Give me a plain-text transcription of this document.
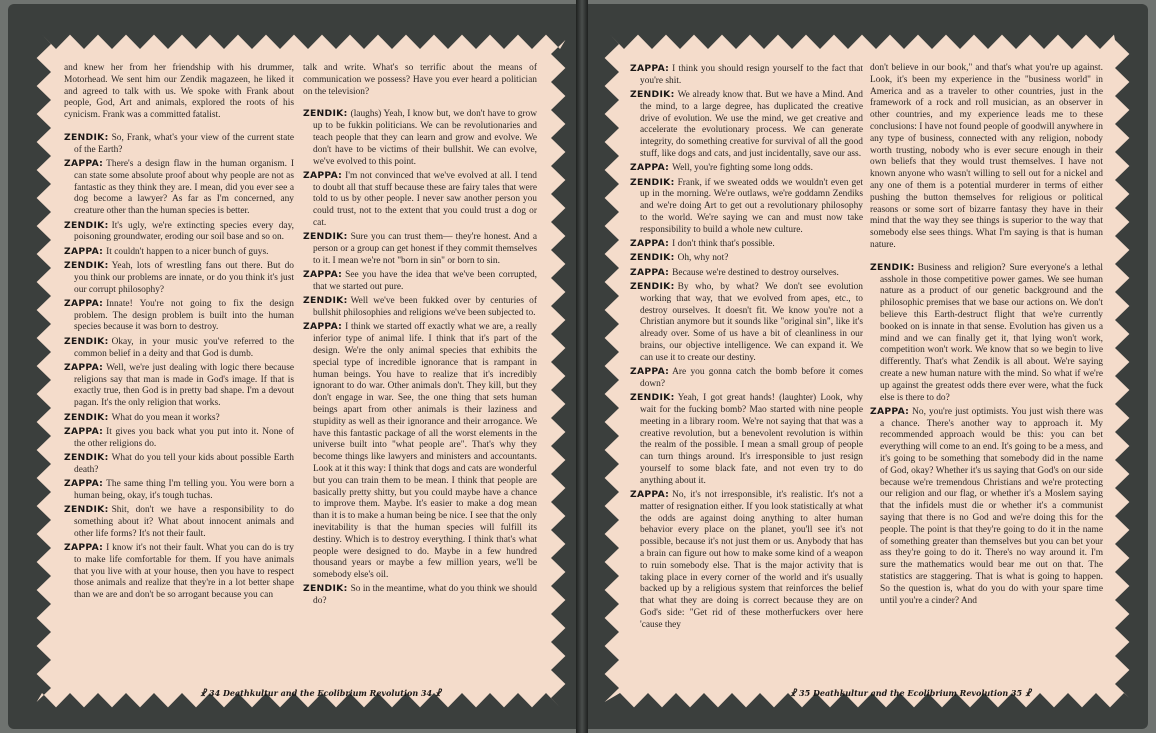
and knew her from her friendship with his drummer, Motorhead. We sent him our Zendik magazeen, he liked it and agreed to talk with us. We spoke with Frank about people, God, Art and animals, explored the roots of his cynicism. Frank was a committed fatalist.

ZENDIK: So, Frank, what's your view of the current state of the Earth?

ZAPPA: There's a design flaw in the human organism. I can state some absolute proof about why people are not as fantastic as they think they are. I mean, did you ever see a dog become a lawyer? As far as I'm concerned, any creature other than the human species is better.

ZENDIK: It's ugly, we're extincting species every day, poisoning groundwater, eroding our soil base and so on.

ZAPPA: It couldn't happen to a nicer bunch of guys.

ZENDIK: Yeah, lots of wrestling fans out there. But do you think our problems are innate, or do you think it's just our corrupt philosophy?

ZAPPA: Innate! You're not going to fix the design problem. The design problem is built into the human species because it was born to destroy.

ZENDIK: Okay, in your music you've referred to the common belief in a deity and that God is dumb.

ZAPPA: Well, we're just dealing with logic there because religions say that man is made in God's image. If that is exactly true, then God is in pretty bad shape. I'm a devout pagan. It's the only religion that works.

ZENDIK: What do you mean it works?

ZAPPA: It gives you back what you put into it. None of the other religions do.

ZENDIK: What do you tell your kids about possible Earth death?

ZAPPA: The same thing I'm telling you. You were born a human being, okay, it's tough tuchas.

ZENDIK: Shit, don't we have a responsibility to do something about it? What about innocent animals and other life forms? It's not their fault.

ZAPPA: I know it's not their fault. What you can do is try to make life comfortable for them. If you have animals that you live with at your house, then you have to respect those animals and realize that they're in a lot better shape than we are and don't be so arrogant because you can

talk and write. What's so terrific about the means of communication we possess? Have you ever heard a politician on the television?

ZENDIK: (laughs) Yeah, I know but, we don't have to grow up to be fukkin politicians. We can be revolutionaries and teach people that they can learn and grow and evolve. We don't have to be victims of their bullshit. We can evolve, we've evolved to this point.

ZAPPA: I'm not convinced that we've evolved at all. I tend to doubt all that stuff because these are fairy tales that were told to us by other people. I never saw another person you could trust, not to the extent that you could trust a dog or cat.

ZENDIK: Sure you can trust them— they're honest. And a person or a group can get honest if they commit themselves to it. I mean we're not "born in sin" or born to sin.

ZAPPA: See you have the idea that we've been corrupted, that we started out pure.

ZENDIK: Well we've been fukked over by centuries of bullshit philosophies and religions we've been subjected to.

ZAPPA: I think we started off exactly what we are, a really inferior type of animal life. I think that it's part of the design. We're the only animal species that exhibits the special type of incredible ignorance that is rampant in human beings. You have to realize that it's incredibly ignorant to do war. Other animals don't. They kill, but they don't engage in war. See, the one thing that sets human beings apart from other animals is their laziness and stupidity as well as their ignorance and their arrogance. We have this fantastic package of all the worst elements in the universe built into "what people are". That's why they become things like lawyers and ministers and accountants. Look at it this way: I think that dogs and cats are wonderful but you can train them to be mean. I think that people are basically pretty shitty, but you could maybe have a chance to improve them. Maybe. It's easier to make a dog mean than it is to make a human being be nice. I see that the only inevitability is that the human species will fulfill its destiny. Which is to destroy everything. I think that's what people were designed to do. Maybe in a few hundred thousand years or maybe a few million years, we'll be somebody else's oil.

ZENDIK: So in the meantime, what do you think we should do?

ZAPPA: I think you should resign yourself to the fact that you're shit.

ZENDIK: We already know that. But we have a Mind. And the mind, to a large degree, has duplicated the creative drive of evolution. We use the mind, we get creative and accelerate the evolutionary process. We can generate integrity, do something creative for survival of all the good stuff, like dogs and cats, and just incidentally, save our ass.

ZAPPA: Well, you're fighting some long odds.

ZENDIK: Frank, if we sweated odds we wouldn't even get up in the morning. We're outlaws, we're goddamn Zendiks and we're doing Art to get out a revolutionary philosophy to the world. We're saying we can and must now take responsibility to build a whole new culture.

ZAPPA: I don't think that's possible.

ZENDIK: Oh, why not?

ZAPPA: Because we're destined to destroy ourselves.

ZENDIK: By who, by what? We don't see evolution working that way, that we evolved from apes, etc., to destroy ourselves. It doesn't fit. We know you're not a Christian anymore but it sounds like "original sin", like it's already over. Some of us have a bit of cleanliness in our brains, our objective intelligence. We can expand it. We can use it to create our destiny.

ZAPPA: Are you gonna catch the bomb before it comes down?

ZENDIK: Yeah, I got great hands! (laughter) Look, why wait for the fucking bomb? Mao started with nine people meeting in a library room. We're not saying that that was a creative revolution, but a benevolent revolution is within the realm of the possible. I mean a small group of people can turn things around. It's irresponsible to just resign yourself to some black fate, and not even try to do anything about it.

ZAPPA: No, it's not irresponsible, it's realistic. It's not a matter of resignation either. If you look statistically at what the odds are against doing anything to alter human behavior every place on the planet, you'll see it's not possible, because it's not just them or us. Anybody that has a brain can figure out how to make some kind of a weapon to ruin somebody else. That is the major activity that is taking place in every corner of the world and it's usually backed up by a religious system that reinforces the belief that what they are doing is correct because they are on God's side: "Get rid of these motherfuckers over here 'cause they

don't believe in our book," and that's what you're up against. Look, it's been my experience in the "business world" in America and as a traveler to other countries, just in the framework of a rock and roll musician, as an observer in other countries, and my experience leads me to these conclusions: I have not found people of goodwill anywhere in any type of business, connected with any religion, nobody worth trusting, nobody who is ever secure enough in their own beliefs that they would trust themselves. I have not known anyone who wasn't willing to sell out for a nickel and any one of them is a potential murderer in terms of either pushing the button themselves for religious or political reasons or some sort of bizarre fantasy they have in their mind that the way they see things is superior to the way that somebody else sees things. What I'm saying is that is human nature.

ZENDIK: Business and religion? Sure everyone's a lethal asshole in those competitive power games. We see human nature as a product of our genetic background and the philosophic premises that we base our actions on. We don't believe this Earth-destruct flight that we're currently booked on is innate in that sense. Evolution has given us a mind and we can finally get it, that lying won't work, competition won't work. We know that so we begin to live differently. That's what Zendik is all about. We're saying create a new human nature with the mind. So what if we're up against the greatest odds there ever were, what the fuck else is there to do?

ZAPPA: No, you're just optimists. You just wish there was a chance. There's another way to approach it. My recommended approach would be this: you can bet everything will come to an end. It's going to be a mess, and it's going to be something that somebody did in the name of God, okay? Whether it's us saying that God's on our side because we're tremendous Christians and we're protecting our religion and our flag, or whether it's a Moslem saying that the infidels must die or whether it's a communist saying that there is no God and we're doing this for the people. The point is that they're going to do it in the name of something greater than themselves but you can bet your ass they're going to do it. There's no way around it. I'm sure the mathematics would bear me out on that. The statistics are staggering. That is what is going to happen. So the question is, what do you do with your spare time until you're a cinder? And

☧ 34 Deathkultur and the Ecolibrium Revolution 34 ☧	☧ 35 Deathkultur and the Ecolibrium Revolution 35 ☧
